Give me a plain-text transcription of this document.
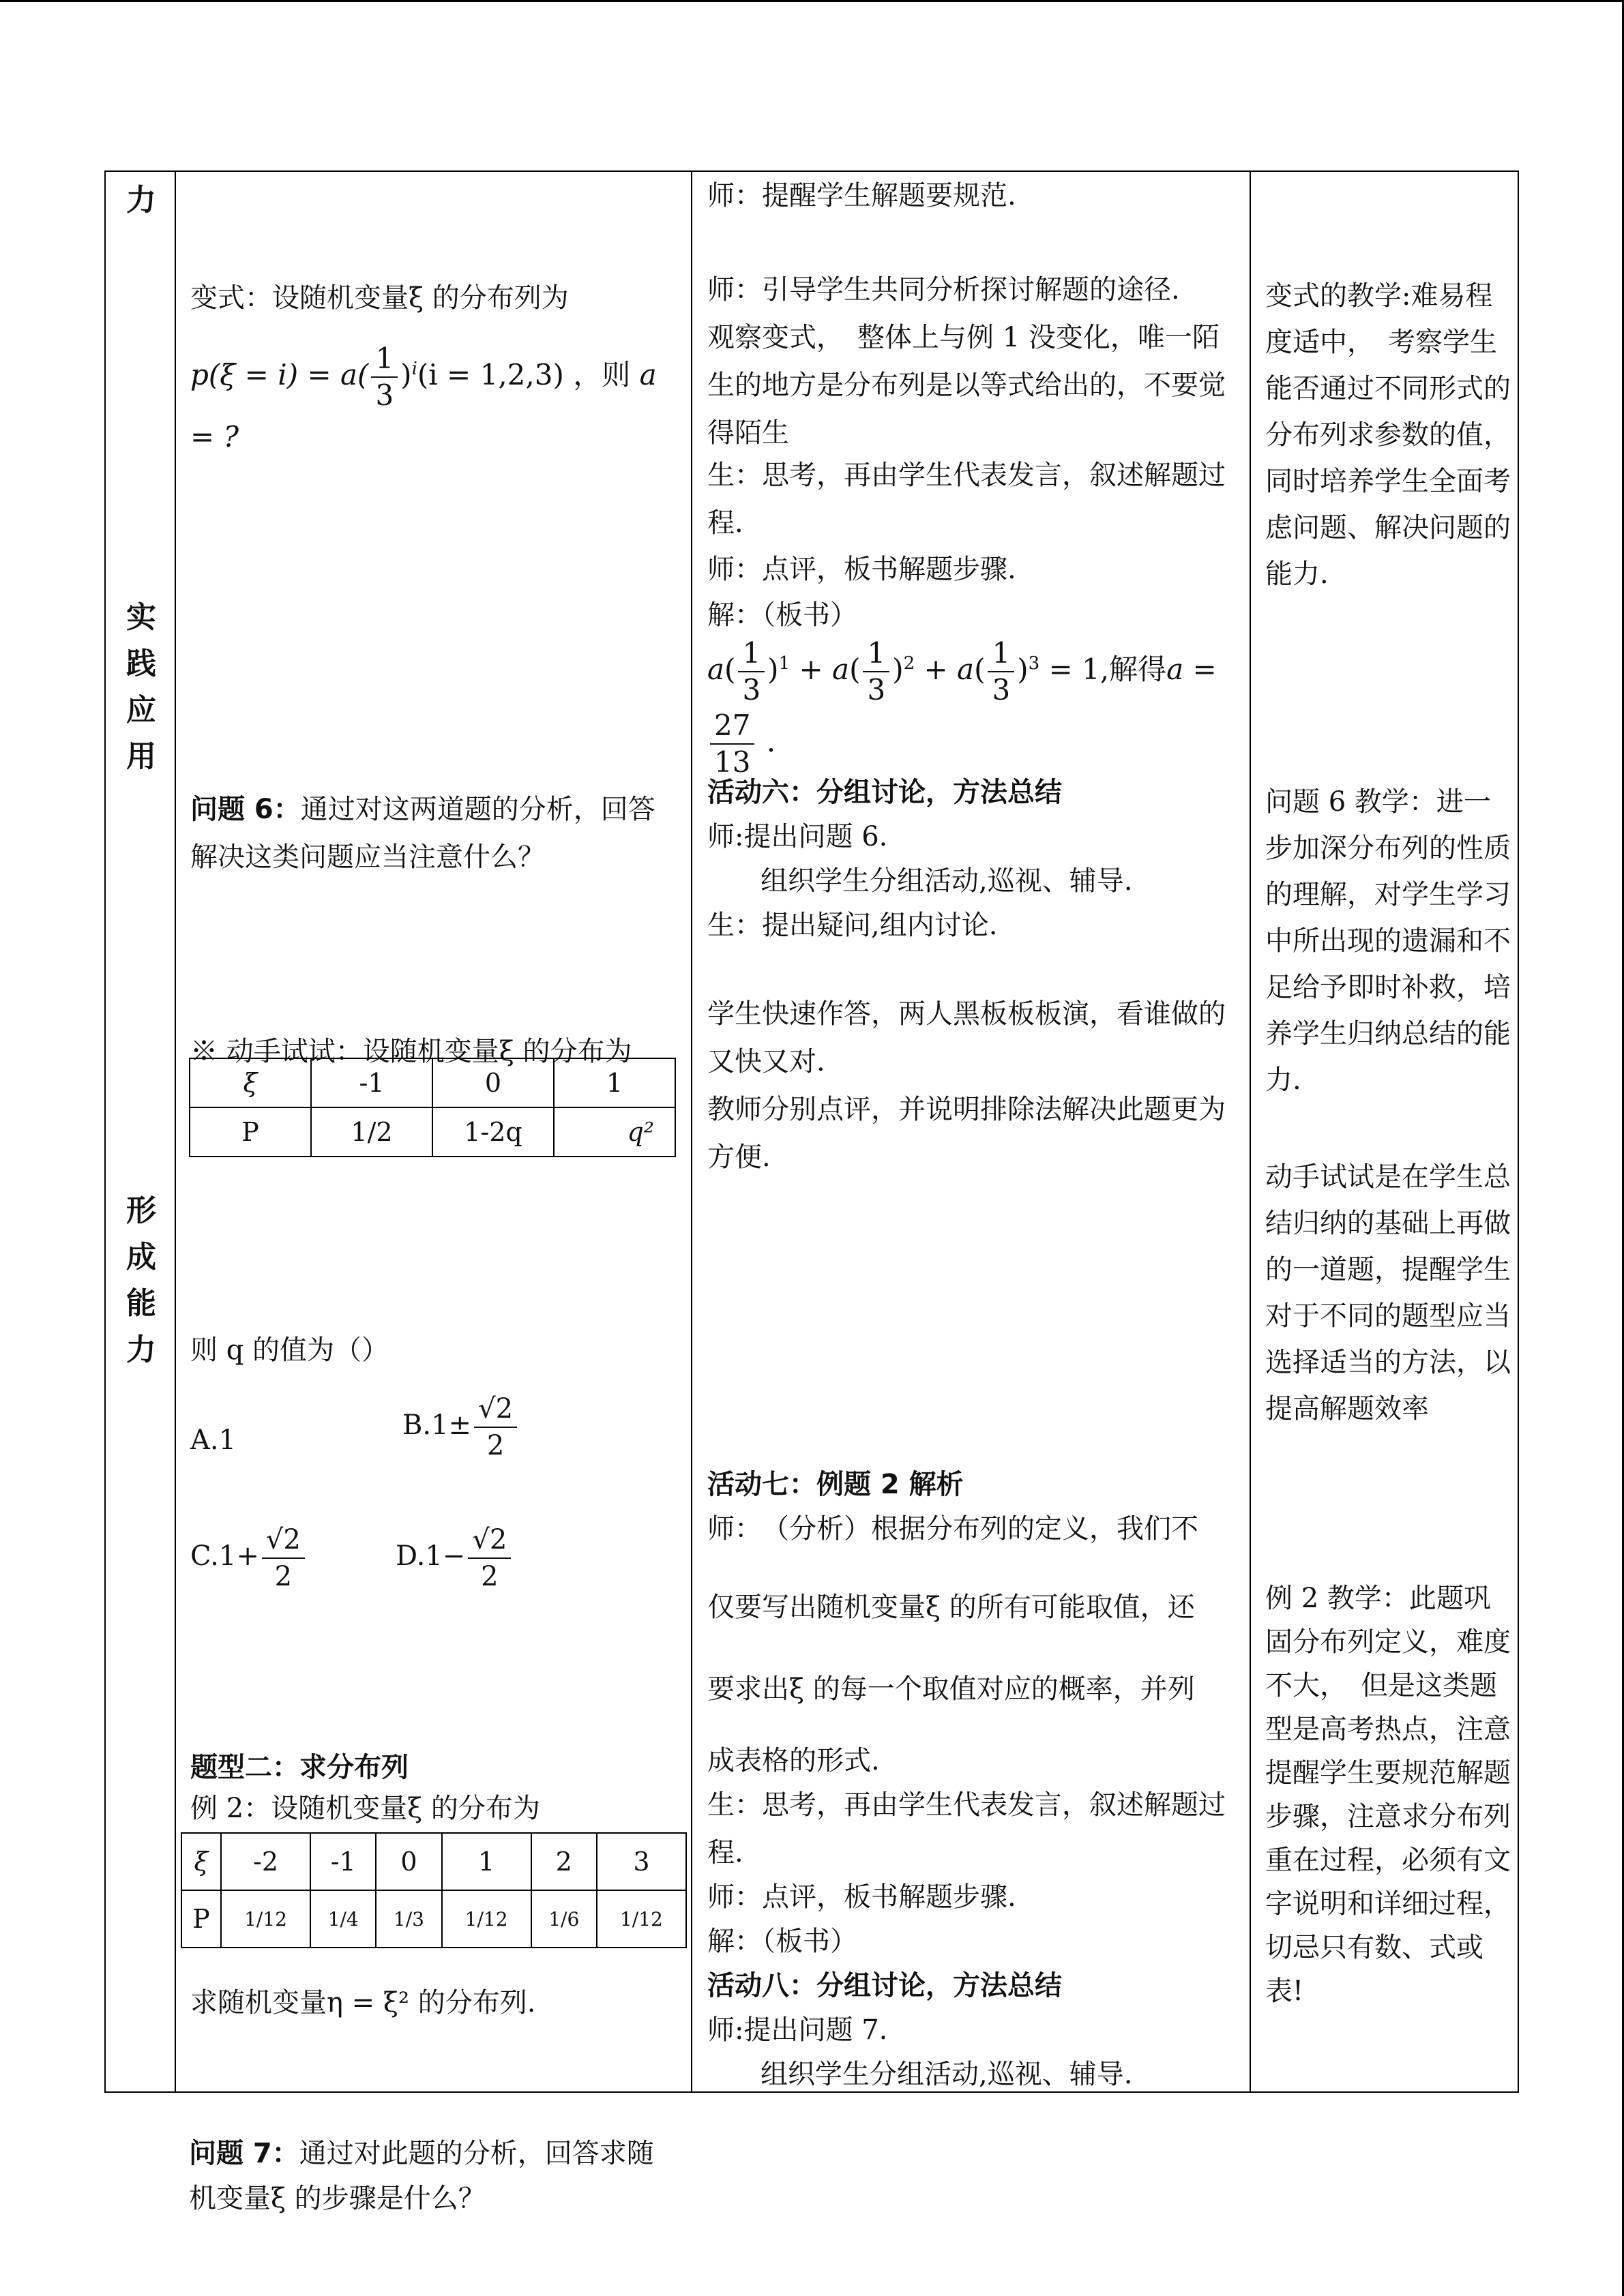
力
实
践
应
用
形
成
能
力
变式：设随机变量ξ 的分布列为
$p(\xi = i) = a( \frac{1}{3} )^i(i = 1,2,3)$ ，则 a = ?
问题 6：通过对这两道题的分析，回答解决这类问题应当注意什么？
※ 动手试试：设随机变量ξ 的分布为
ξ	-1	0	1
P	1/2	1-2q	q²
则 q 的值为（）
A.1	$B.1\pm \frac{√2}{2}$
$C.1+ \frac{√2}{2}$	$D.1- \frac{√2}{2}$
题型二：求分布列
例 2：设随机变量ξ 的分布为
ξ	-2	-1	0	1	2	3
P	1/12	1/4	1/3	1/12	1/6	1/12
求随机变量η = ξ² 的分布列.
师：提醒学生解题要规范.
师：引导学生共同分析探讨解题的途径.
观察变式，　整体上与例 1 没变化，唯一陌生的地方是分布列是以等式给出的，不要觉得陌生
生：思考，再由学生代表发言，叙述解题过程.
师：点评，板书解题步骤.
解：（板书）
$a( \frac{1}{3} )^1 + a( \frac{1}{3} )^2 + a( \frac{1}{3} )^3 = 1$,解得a =
$\frac{27}{13}$ .
活动六：分组讨论，方法总结
师:提出问题 6.
组织学生分组活动,巡视、辅导.
生：提出疑问,组内讨论.
学生快速作答，两人黑板板板演，看谁做的又快又对.
教师分别点评，并说明排除法解决此题更为方便.
活动七：例题 2 解析
师：　（分析）根据分布列的定义，我们不
仅要写出随机变量ξ 的所有可能取值，还
要求出ξ 的每一个取值对应的概率，并列
成表格的形式.
生：思考，再由学生代表发言，叙述解题过程.
师：点评，板书解题步骤.
解：（板书）
活动八：分组讨论，方法总结
师:提出问题 7.
组织学生分组活动,巡视、辅导.
变式的教学:难易程度适中，　考察学生能否通过不同形式的分布列求参数的值，　同时培养学生全面考虑问题、解决问题的能力.
问题 6 教学：进一步加深分布列的性质的理解，对学生学习中所出现的遗漏和不足给予即时补救，培养学生归纳总结的能力.
动手试试是在学生总结归纳的基础上再做的一道题，提醒学生对于不同的题型应当选择适当的方法，以提高解题效率
例 2 教学：此题巩固分布列定义，难度不大，　但是这类题型是高考热点，注意提醒学生要规范解题步骤，注意求分布列重在过程，必须有文字说明和详细过程，切忌只有数、式或表!
问题 7：通过对此题的分析，回答求随机变量ξ 的步骤是什么？
